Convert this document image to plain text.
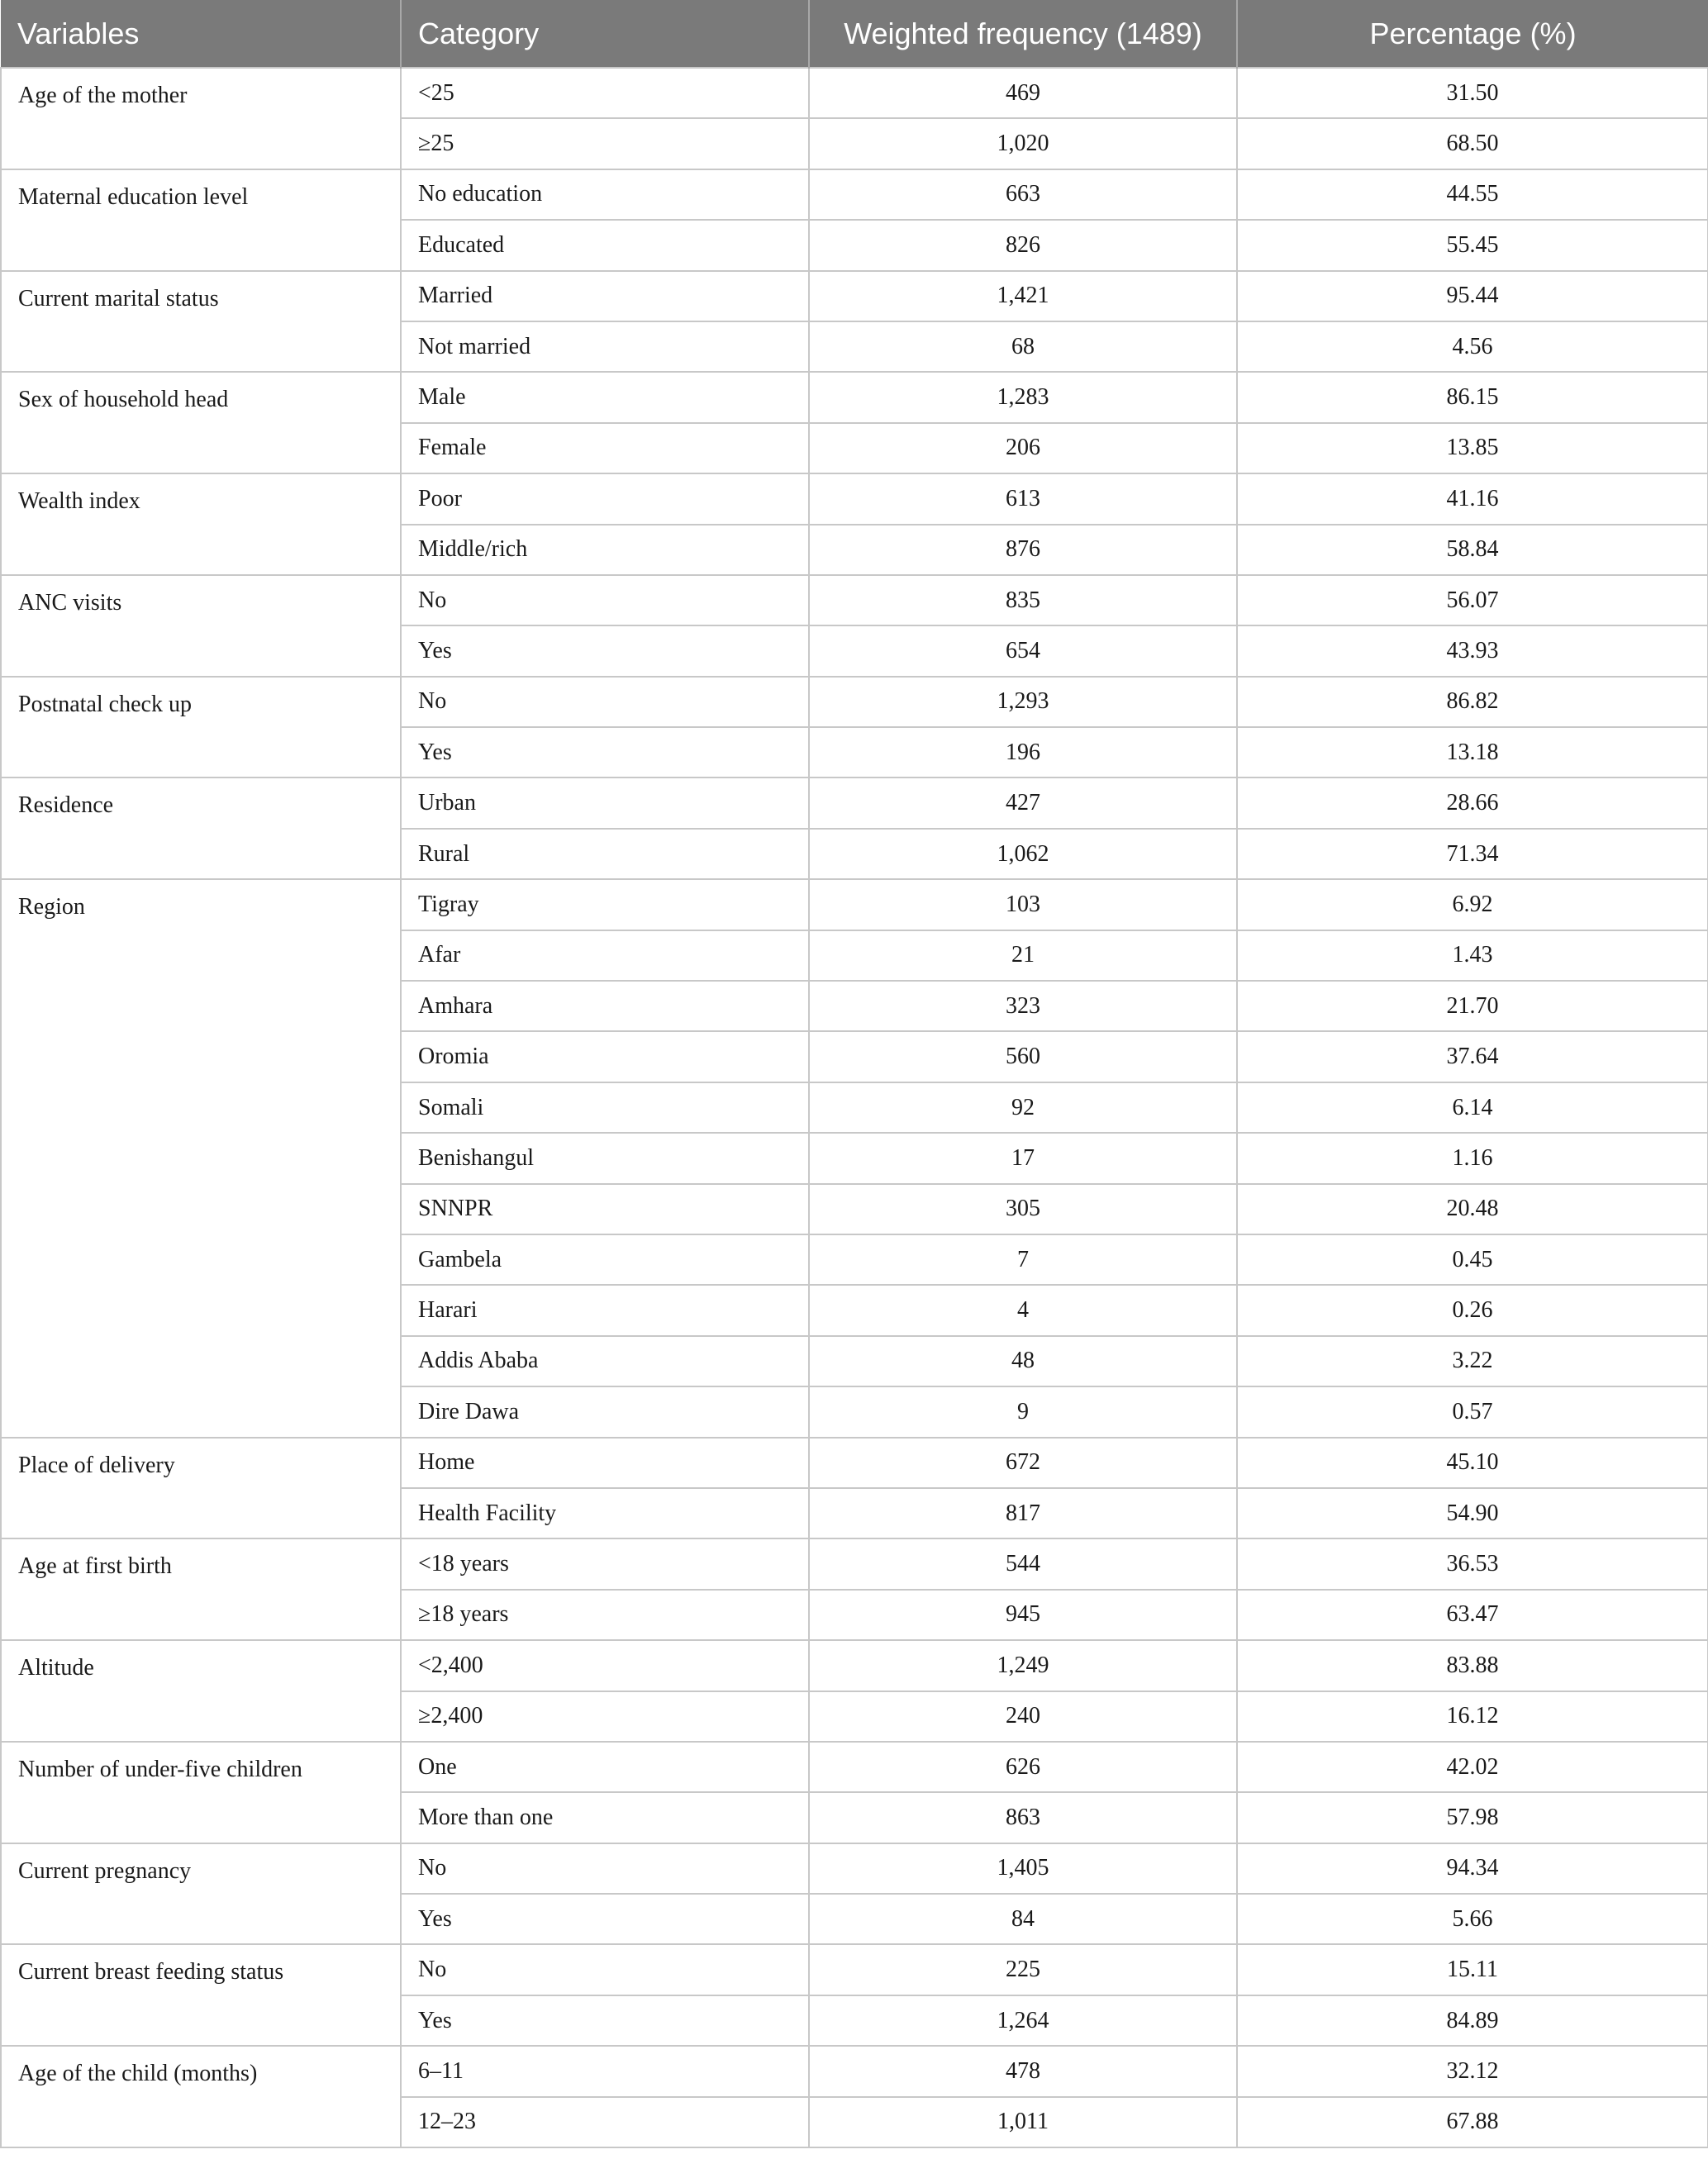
Variables	Category	Weighted frequency (1489)	Percentage (%)
Age of the mother	<25	469	31.50
	≥25	1,020	68.50
Maternal education level	No education	663	44.55
	Educated	826	55.45
Current marital status	Married	1,421	95.44
	Not married	68	4.56
Sex of household head	Male	1,283	86.15
	Female	206	13.85
Wealth index	Poor	613	41.16
	Middle/rich	876	58.84
ANC visits	No	835	56.07
	Yes	654	43.93
Postnatal check up	No	1,293	86.82
	Yes	196	13.18
Residence	Urban	427	28.66
	Rural	1,062	71.34
Region	Tigray	103	6.92
	Afar	21	1.43
	Amhara	323	21.70
	Oromia	560	37.64
	Somali	92	6.14
	Benishangul	17	1.16
	SNNPR	305	20.48
	Gambela	7	0.45
	Harari	4	0.26
	Addis Ababa	48	3.22
	Dire Dawa	9	0.57
Place of delivery	Home	672	45.10
	Health Facility	817	54.90
Age at first birth	<18 years	544	36.53
	≥18 years	945	63.47
Altitude	<2,400	1,249	83.88
	≥2,400	240	16.12
Number of under-five children	One	626	42.02
	More than one	863	57.98
Current pregnancy	No	1,405	94.34
	Yes	84	5.66
Current breast feeding status	No	225	15.11
	Yes	1,264	84.89
Age of the child (months)	6–11	478	32.12
	12–23	1,011	67.88
